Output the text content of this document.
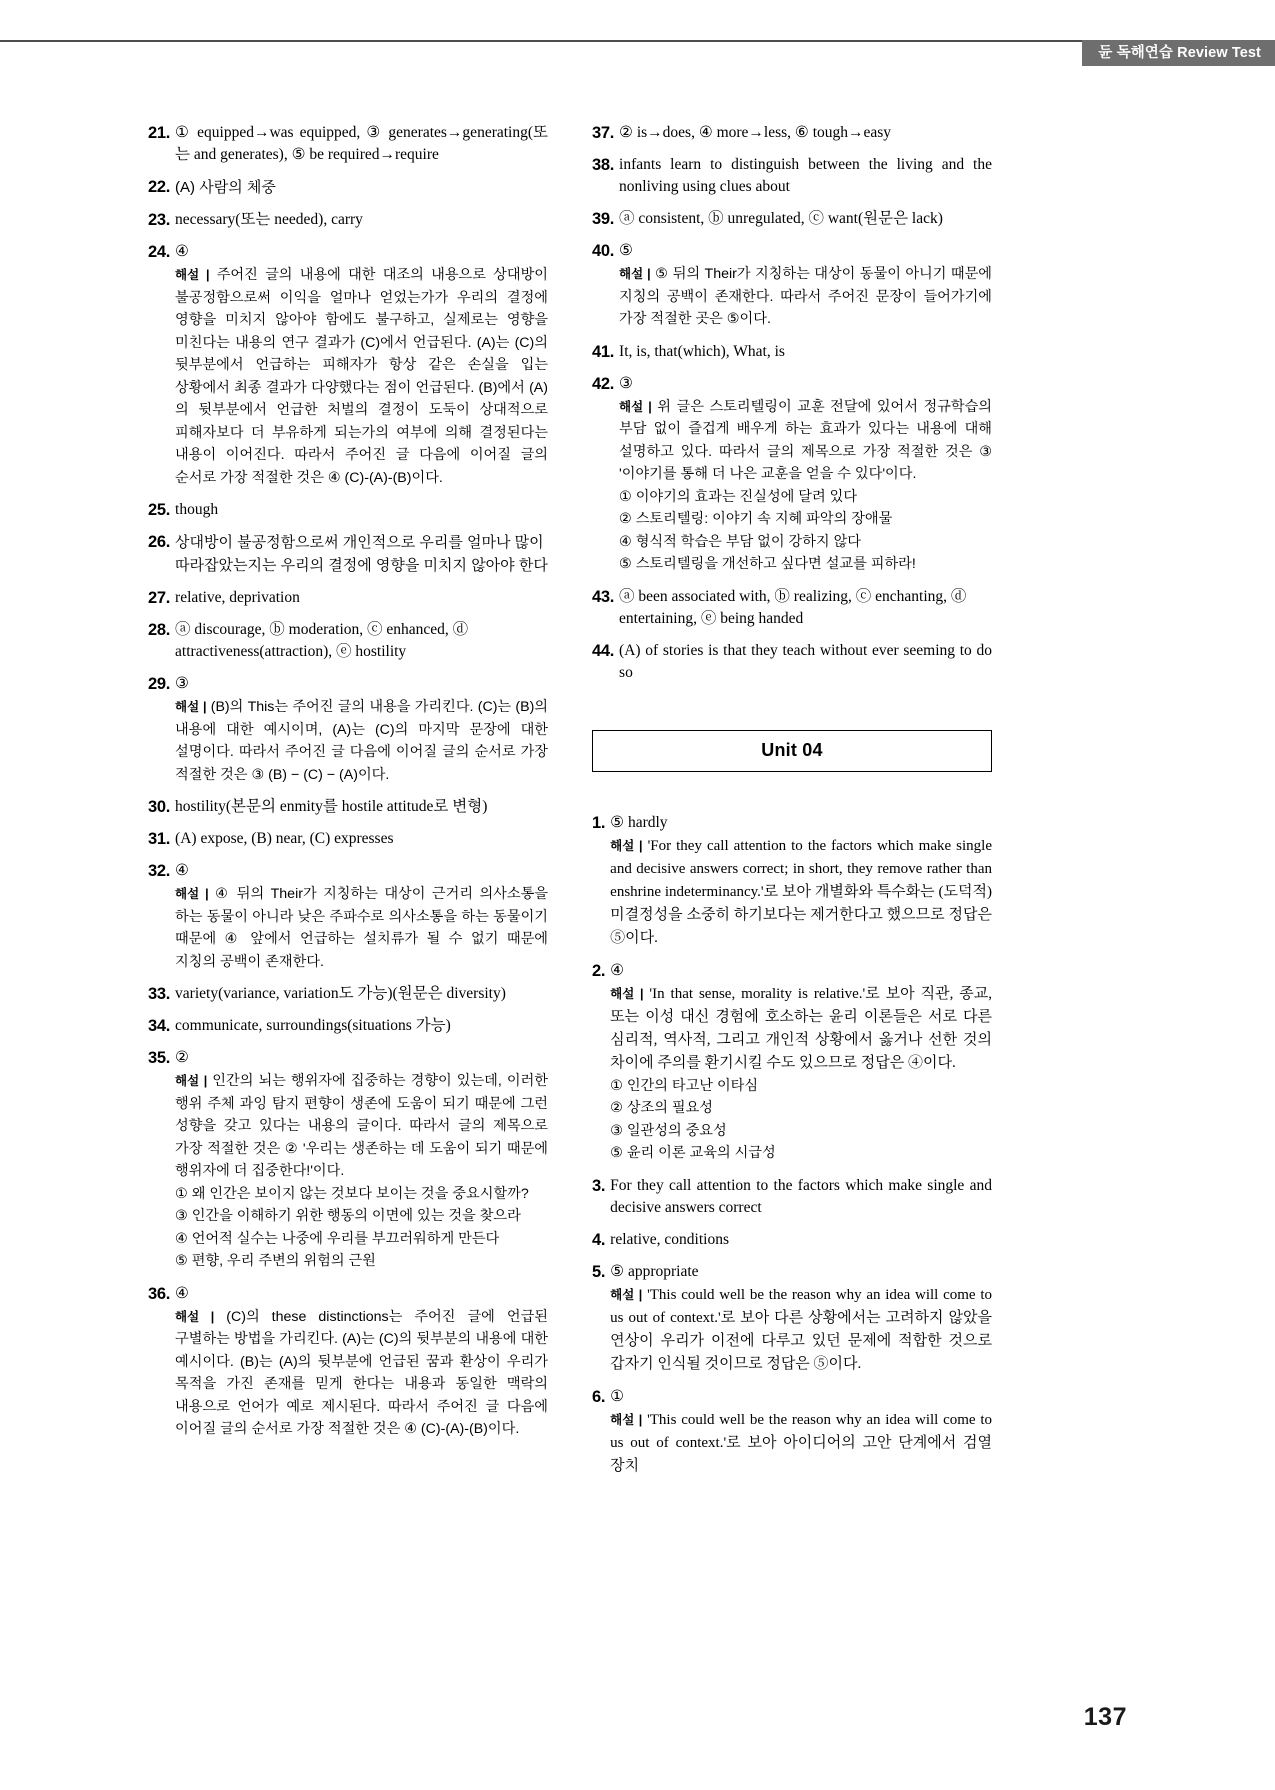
듄 독해연습 Review Test
21. ① equipped→was equipped, ③ generates→generating(또는 and generates), ⑤ be required→require
22. (A) 사람의 체중
23. necessary(또는 needed), carry
24. ④
해설 | 주어진 글의 내용에 대한 대조의 내용으로 상대방이 불공정함으로써 이익을 얼마나 얻었는가가 우리의 결정에 영향을 미치지 않아야 함에도 불구하고, 실제로는 영향을 미친다는 내용의 연구 결과가 (C)에서 언급된다. (A)는 (C)의 뒷부분에서 언급하는 피해자가 항상 같은 손실을 입는 상황에서 최종 결과가 다양했다는 점이 언급된다. (B)에서 (A)의 뒷부분에서 언급한 처벌의 결정이 도둑이 상대적으로 피해자보다 더 부유하게 되는가의 여부에 의해 결정된다는 내용이 이어진다. 따라서 주어진 글 다음에 이어질 글의 순서로 가장 적절한 것은 ④ (C)-(A)-(B)이다.
25. though
26. 상대방이 불공정함으로써 개인적으로 우리를 얼마나 많이 따라잡았는지는 우리의 결정에 영향을 미치지 않아야 한다
27. relative, deprivation
28. ⓐ discourage, ⓑ moderation, ⓒ enhanced, ⓓ attractiveness(attraction), ⓔ hostility
29. ③
해설 | (B)의 This는 주어진 글의 내용을 가리킨다. (C)는 (B)의 내용에 대한 예시이며, (A)는 (C)의 마지막 문장에 대한 설명이다. 따라서 주어진 글 다음에 이어질 글의 순서로 가장 적절한 것은 ③ (B) − (C) − (A)이다.
30. hostility(본문의 enmity를 hostile attitude로 변형)
31. (A) expose, (B) near, (C) expresses
32. ④
해설 | ④ 뒤의 Their가 지칭하는 대상이 근거리 의사소통을 하는 동물이 아니라 낮은 주파수로 의사소통을 하는 동물이기 때문에 ④ 앞에서 언급하는 설치류가 될 수 없기 때문에 지칭의 공백이 존재한다.
33. variety(variance, variation도 가능)(원문은 diversity)
34. communicate, surroundings(situations 가능)
35. ②
해설 | 인간의 뇌는 행위자에 집중하는 경향이 있는데, 이러한 행위 주체 과잉 탐지 편향이 생존에 도움이 되기 때문에 그런 성향을 갖고 있다는 내용의 글이다. 따라서 글의 제목으로 가장 적절한 것은 ② '우리는 생존하는 데 도움이 되기 때문에 행위자에 더 집중한다!'이다.
① 왜 인간은 보이지 않는 것보다 보이는 것을 중요시할까?
③ 인간을 이해하기 위한 행동의 이면에 있는 것을 찾으라
④ 언어적 실수는 나중에 우리를 부끄러워하게 만든다
⑤ 편향, 우리 주변의 위험의 근원
36. ④
해설 | (C)의 these distinctions는 주어진 글에 언급된 구별하는 방법을 가리킨다. (A)는 (C)의 뒷부분의 내용에 대한 예시이다. (B)는 (A)의 뒷부분에 언급된 꿈과 환상이 우리가 목적을 가진 존재를 믿게 한다는 내용과 동일한 맥락의 내용으로 언어가 예로 제시된다. 따라서 주어진 글 다음에 이어질 글의 순서로 가장 적절한 것은 ④ (C)-(A)-(B)이다.
37. ② is→does, ④ more→less, ⑥ tough→easy
38. infants learn to distinguish between the living and the nonliving using clues about
39. ⓐ consistent, ⓑ unregulated, ⓒ want(원문은 lack)
40. ⑤
해설 | ⑤ 뒤의 Their가 지칭하는 대상이 동물이 아니기 때문에 지칭의 공백이 존재한다. 따라서 주어진 문장이 들어가기에 가장 적절한 곳은 ⑤이다.
41. It, is, that(which), What, is
42. ③
해설 | 위 글은 스토리텔링이 교훈 전달에 있어서 정규학습의 부담 없이 즐겁게 배우게 하는 효과가 있다는 내용에 대해 설명하고 있다. 따라서 글의 제목으로 가장 적절한 것은 ③ '이야기를 통해 더 나은 교훈을 얻을 수 있다'이다.
① 이야기의 효과는 진실성에 달려 있다
② 스토리텔링: 이야기 속 지혜 파악의 장애물
④ 형식적 학습은 부담 없이 강하지 않다
⑤ 스토리텔링을 개선하고 싶다면 설교를 피하라!
43. ⓐ been associated with, ⓑ realizing, ⓒ enchanting, ⓓ entertaining, ⓔ being handed
44. (A) of stories is that they teach without ever seeming to do so
Unit 04
1. ⑤ hardly
해설 | 'For they call attention to the factors which make single and decisive answers correct; in short, they remove rather than enshrine indeterminancy.'로 보아 개별화와 특수화는 (도덕적) 미결정성을 소중히 하기보다는 제거한다고 했으므로 정답은 ⑤이다.
2. ④
해설 | 'In that sense, morality is relative.'로 보아 직관, 종교, 또는 이성 대신 경험에 호소하는 윤리 이론들은 서로 다른 심리적, 역사적, 그리고 개인적 상황에서 옳거나 선한 것의 차이에 주의를 환기시킬 수도 있으므로 정답은 ④이다.
① 인간의 타고난 이타심
② 상조의 필요성
③ 일관성의 중요성
⑤ 윤리 이론 교육의 시급성
3. For they call attention to the factors which make single and decisive answers correct
4. relative, conditions
5. ⑤ appropriate
해설 | 'This could well be the reason why an idea will come to us out of context.'로 보아 다른 상황에서는 고려하지 않았을 연상이 우리가 이전에 다루고 있던 문제에 적합한 것으로 갑자기 인식될 것이므로 정답은 ⑤이다.
6. ①
해설 | 'This could well be the reason why an idea will come to us out of context.'로 보아 아이디어의 고안 단계에서 검열 장치
137
